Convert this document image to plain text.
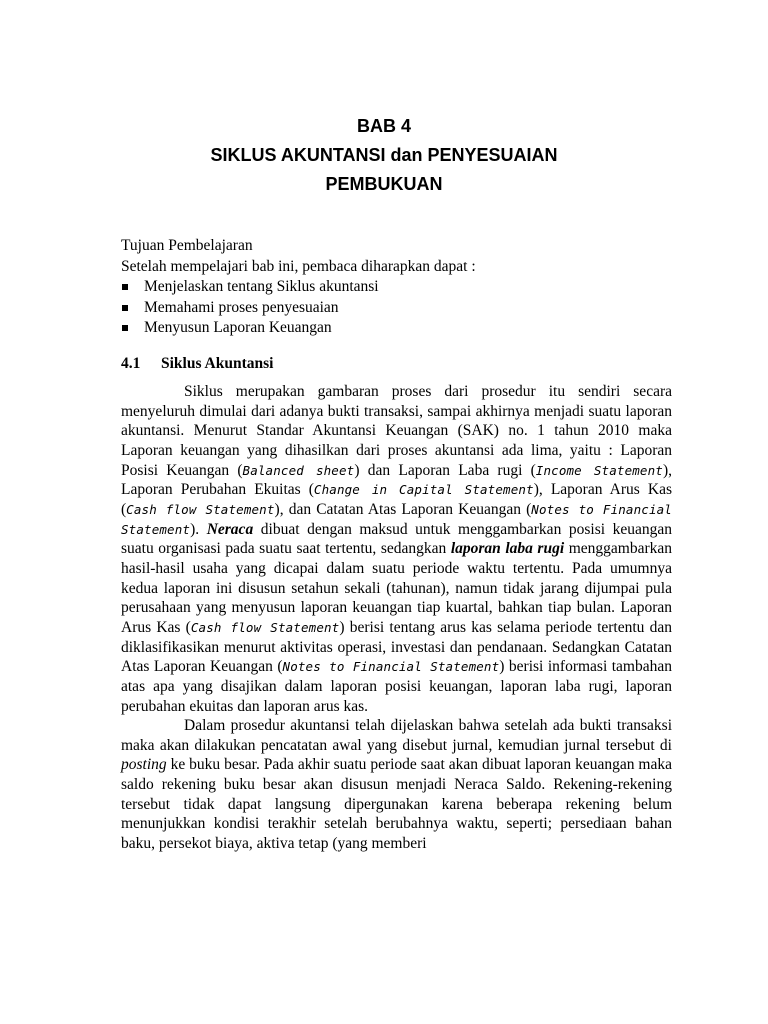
BAB 4
SIKLUS AKUNTANSI dan PENYESUAIAN
PEMBUKUAN
Tujuan Pembelajaran
Setelah mempelajari bab ini, pembaca diharapkan dapat :
Menjelaskan tentang Siklus akuntansi
Memahami proses penyesuaian
Menyusun Laporan Keuangan
4.1 Siklus Akuntansi

Siklus merupakan gambaran proses dari prosedur itu sendiri secara menyeluruh dimulai dari adanya bukti transaksi, sampai akhirnya menjadi suatu laporan akuntansi. Menurut Standar Akuntansi Keuangan (SAK) no. 1 tahun 2010 maka Laporan keuangan yang dihasilkan dari proses akuntansi ada lima, yaitu : Laporan Posisi Keuangan (Balanced sheet) dan Laporan Laba rugi (Income Statement), Laporan Perubahan Ekuitas (Change in Capital Statement), Laporan Arus Kas (Cash flow Statement), dan Catatan Atas Laporan Keuangan (Notes to Financial Statement). Neraca dibuat dengan maksud untuk menggambarkan posisi keuangan suatu organisasi pada suatu saat tertentu, sedangkan laporan laba rugi menggambarkan hasil-hasil usaha yang dicapai dalam suatu periode waktu tertentu. Pada umumnya kedua laporan ini disusun setahun sekali (tahunan), namun tidak jarang dijumpai pula perusahaan yang menyusun laporan keuangan tiap kuartal, bahkan tiap bulan. Laporan Arus Kas (Cash flow Statement) berisi tentang arus kas selama periode tertentu dan diklasifikasikan menurut aktivitas operasi, investasi dan pendanaan. Sedangkan Catatan Atas Laporan Keuangan (Notes to Financial Statement) berisi informasi tambahan atas apa yang disajikan dalam laporan posisi keuangan, laporan laba rugi, laporan perubahan ekuitas dan laporan arus kas.

Dalam prosedur akuntansi telah dijelaskan bahwa setelah ada bukti transaksi maka akan dilakukan pencatatan awal yang disebut jurnal, kemudian jurnal tersebut di posting ke buku besar. Pada akhir suatu periode saat akan dibuat laporan keuangan maka saldo rekening buku besar akan disusun menjadi Neraca Saldo. Rekening-rekening tersebut tidak dapat langsung dipergunakan karena beberapa rekening belum menunjukkan kondisi terakhir setelah berubahnya waktu, seperti; persediaan bahan baku, persekot biaya, aktiva tetap (yang memberi
